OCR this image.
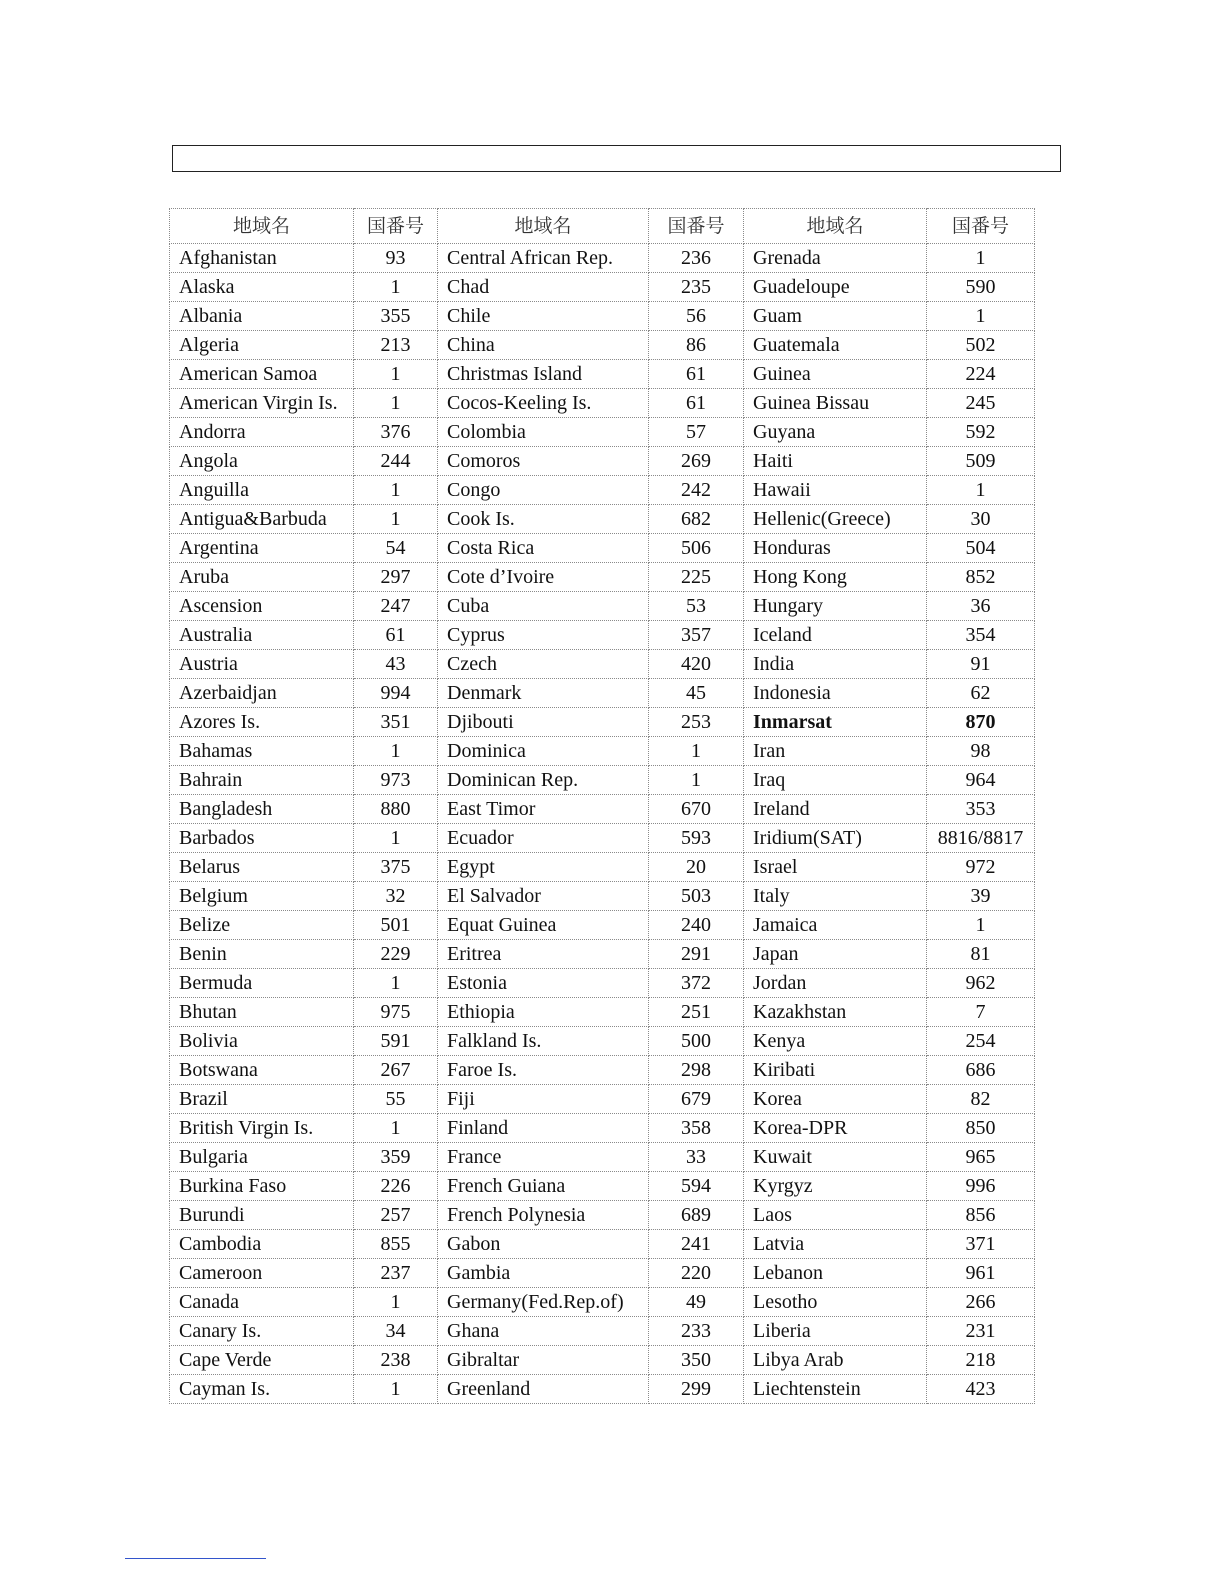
地域名	国番号	地域名	国番号	地域名	国番号
Afghanistan	93	Central African Rep.	236	Grenada	1
Alaska	1	Chad	235	Guadeloupe	590
Albania	355	Chile	56	Guam	1
Algeria	213	China	86	Guatemala	502
American Samoa	1	Christmas Island	61	Guinea	224
American Virgin Is.	1	Cocos-Keeling Is.	61	Guinea Bissau	245
Andorra	376	Colombia	57	Guyana	592
Angola	244	Comoros	269	Haiti	509
Anguilla	1	Congo	242	Hawaii	1
Antigua&Barbuda	1	Cook Is.	682	Hellenic(Greece)	30
Argentina	54	Costa Rica	506	Honduras	504
Aruba	297	Cote d’Ivoire	225	Hong Kong	852
Ascension	247	Cuba	53	Hungary	36
Australia	61	Cyprus	357	Iceland	354
Austria	43	Czech	420	India	91
Azerbaidjan	994	Denmark	45	Indonesia	62
Azores Is.	351	Djibouti	253	Inmarsat	870
Bahamas	1	Dominica	1	Iran	98
Bahrain	973	Dominican Rep.	1	Iraq	964
Bangladesh	880	East Timor	670	Ireland	353
Barbados	1	Ecuador	593	Iridium(SAT)	8816/8817
Belarus	375	Egypt	20	Israel	972
Belgium	32	El Salvador	503	Italy	39
Belize	501	Equat Guinea	240	Jamaica	1
Benin	229	Eritrea	291	Japan	81
Bermuda	1	Estonia	372	Jordan	962
Bhutan	975	Ethiopia	251	Kazakhstan	7
Bolivia	591	Falkland Is.	500	Kenya	254
Botswana	267	Faroe Is.	298	Kiribati	686
Brazil	55	Fiji	679	Korea	82
British Virgin Is.	1	Finland	358	Korea-DPR	850
Bulgaria	359	France	33	Kuwait	965
Burkina Faso	226	French Guiana	594	Kyrgyz	996
Burundi	257	French Polynesia	689	Laos	856
Cambodia	855	Gabon	241	Latvia	371
Cameroon	237	Gambia	220	Lebanon	961
Canada	1	Germany(Fed.Rep.of)	49	Lesotho	266
Canary Is.	34	Ghana	233	Liberia	231
Cape Verde	238	Gibraltar	350	Libya Arab	218
Cayman Is.	1	Greenland	299	Liechtenstein	423
